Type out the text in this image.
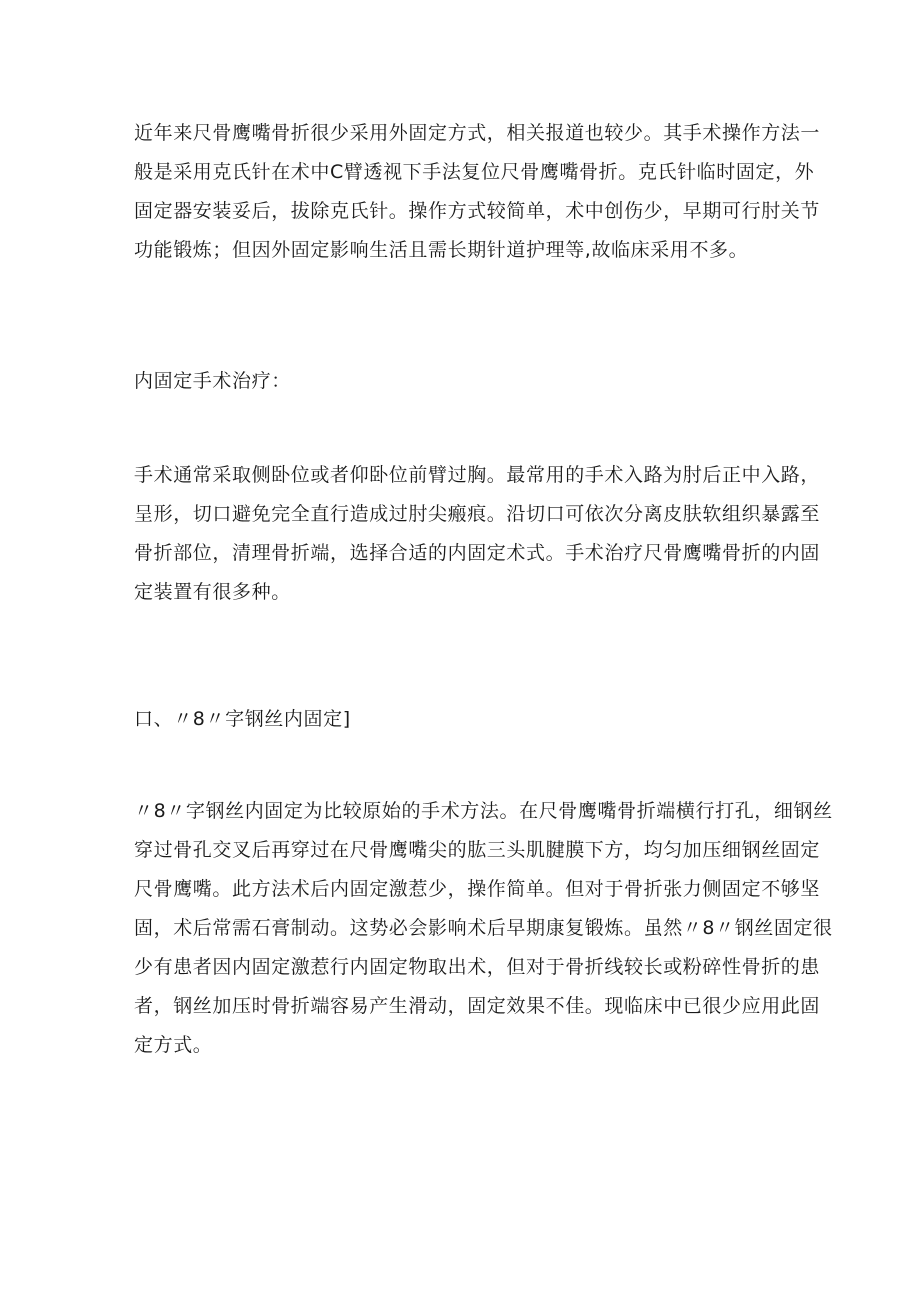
近年来尺骨鹰嘴骨折很少采用外固定方式，相关报道也较少。其手术操作方法一
般是采用克氏针在术中C臂透视下手法复位尺骨鹰嘴骨折。克氏针临时固定，外
固定器安装妥后，拔除克氏针。操作方式较简单，术中创伤少，早期可行肘关节
功能锻炼；但因外固定影响生活且需长期针道护理等,故临床采用不多。
内固定手术治疗：
手术通常采取侧卧位或者仰卧位前臂过胸。最常用的手术入路为肘后正中入路，
呈形，切口避免完全直行造成过肘尖瘢痕。沿切口可依次分离皮肤软组织暴露至
骨折部位，清理骨折端，选择合适的内固定术式。手术治疗尺骨鹰嘴骨折的内固
定装置有很多种。
口、〃8〃字钢丝内固定]
〃8〃字钢丝内固定为比较原始的手术方法。在尺骨鹰嘴骨折端横行打孔，细钢丝
穿过骨孔交叉后再穿过在尺骨鹰嘴尖的肱三头肌腱膜下方，均匀加压细钢丝固定
尺骨鹰嘴。此方法术后内固定激惹少，操作简单。但对于骨折张力侧固定不够坚
固，术后常需石膏制动。这势必会影响术后早期康复锻炼。虽然〃8〃钢丝固定很
少有患者因内固定激惹行内固定物取出术，但对于骨折线较长或粉碎性骨折的患
者，钢丝加压时骨折端容易产生滑动，固定效果不佳。现临床中已很少应用此固
定方式。
